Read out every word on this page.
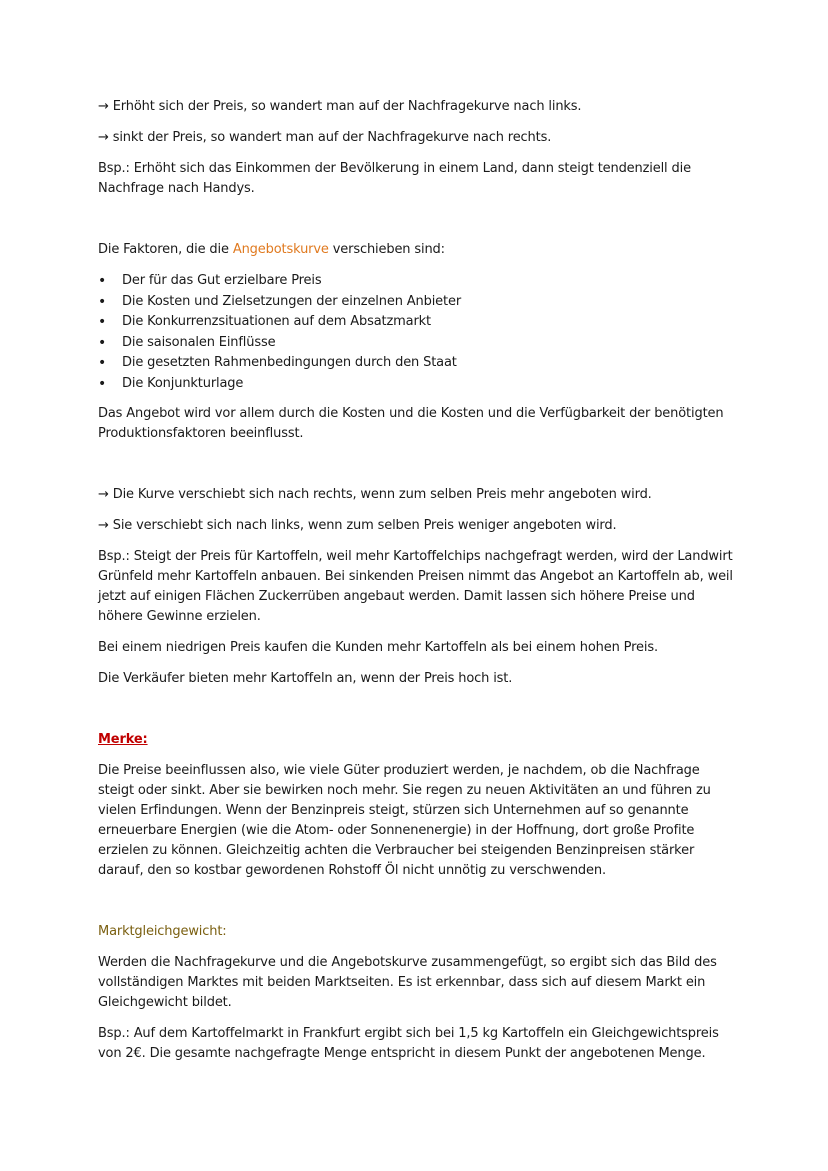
→ Erhöht sich der Preis, so wandert man auf der Nachfragekurve nach links.

→ sinkt der Preis, so wandert man auf der Nachfragekurve nach rechts.

Bsp.: Erhöht sich das Einkommen der Bevölkerung in einem Land, dann steigt tendenziell die Nachfrage nach Handys.

Die Faktoren, die die Angebotskurve verschieben sind:

• Der für das Gut erzielbare Preis
• Die Kosten und Zielsetzungen der einzelnen Anbieter
• Die Konkurrenzsituationen auf dem Absatzmarkt
• Die saisonalen Einflüsse
• Die gesetzten Rahmenbedingungen durch den Staat
• Die Konjunkturlage

Das Angebot wird vor allem durch die Kosten und die Kosten und die Verfügbarkeit der benötigten Produktionsfaktoren beeinflusst.

→ Die Kurve verschiebt sich nach rechts, wenn zum selben Preis mehr angeboten wird.

→ Sie verschiebt sich nach links, wenn zum selben Preis weniger angeboten wird.

Bsp.: Steigt der Preis für Kartoffeln, weil mehr Kartoffelchips nachgefragt werden, wird der Landwirt Grünfeld mehr Kartoffeln anbauen. Bei sinkenden Preisen nimmt das Angebot an Kartoffeln ab, weil jetzt auf einigen Flächen Zuckerrüben angebaut werden. Damit lassen sich höhere Preise und höhere Gewinne erzielen.

Bei einem niedrigen Preis kaufen die Kunden mehr Kartoffeln als bei einem hohen Preis.

Die Verkäufer bieten mehr Kartoffeln an, wenn der Preis hoch ist.

Merke:

Die Preise beeinflussen also, wie viele Güter produziert werden, je nachdem, ob die Nachfrage steigt oder sinkt. Aber sie bewirken noch mehr. Sie regen zu neuen Aktivitäten an und führen zu vielen Erfindungen. Wenn der Benzinpreis steigt, stürzen sich Unternehmen auf so genannte erneuerbare Energien (wie die Atom- oder Sonnenenergie) in der Hoffnung, dort große Profite erzielen zu können. Gleichzeitig achten die Verbraucher bei steigenden Benzinpreisen stärker darauf, den so kostbar gewordenen Rohstoff Öl nicht unnötig zu verschwenden.

Marktgleichgewicht:

Werden die Nachfragekurve und die Angebotskurve zusammengefügt, so ergibt sich das Bild des vollständigen Marktes mit beiden Marktseiten. Es ist erkennbar, dass sich auf diesem Markt ein Gleichgewicht bildet.

Bsp.: Auf dem Kartoffelmarkt in Frankfurt ergibt sich bei 1,5 kg Kartoffeln ein Gleichgewichtspreis von 2€. Die gesamte nachgefragte Menge entspricht in diesem Punkt der angebotenen Menge.
